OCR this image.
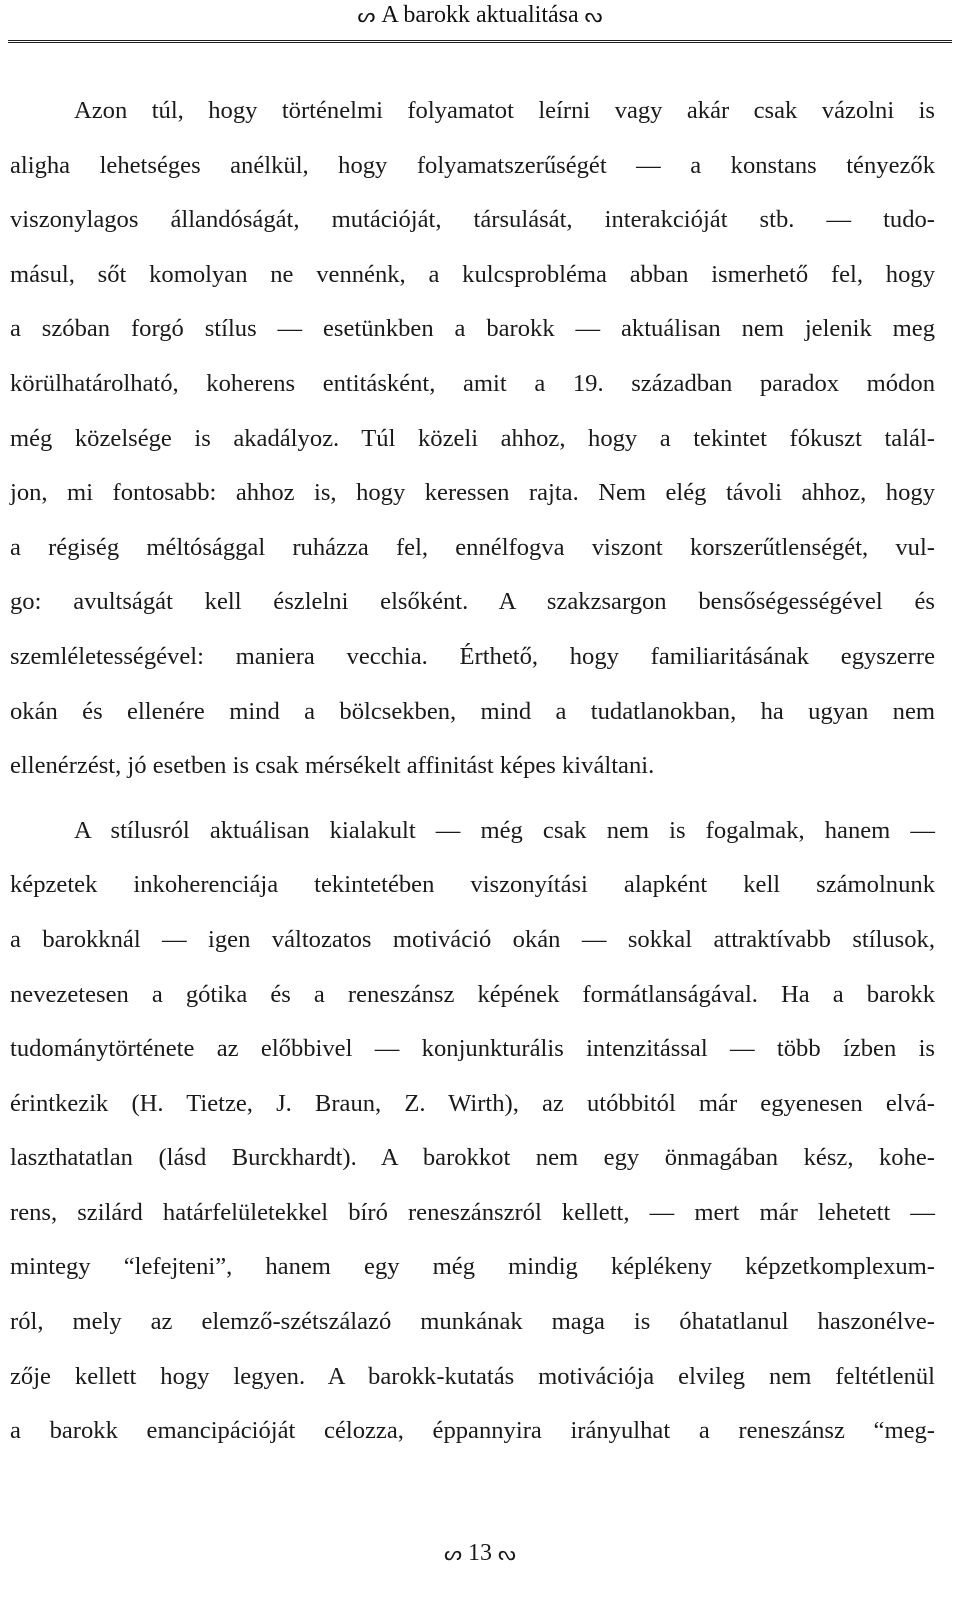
ᔕ A barokk aktualitása ᔓ
Azon túl, hogy történelmi folyamatot leírni vagy akár csak vázolni is
aligha lehetséges anélkül, hogy folyamatszerűségét — a konstans tényezők
viszonylagos állandóságát, mutációját, társulását, interakcióját stb. — tudo-
másul, sőt komolyan ne vennénk, a kulcsprobléma abban ismerhető fel, hogy
a szóban forgó stílus — esetünkben a barokk — aktuálisan nem jelenik meg
körülhatárolható, koherens entitásként, amit a 19. században paradox módon
még közelsége is akadályoz. Túl közeli ahhoz, hogy a tekintet fókuszt talál-
jon, mi fontosabb: ahhoz is, hogy keressen rajta. Nem elég távoli ahhoz, hogy
a régiség méltósággal ruházza fel, ennélfogva viszont korszerűtlenségét, vul-
go: avultságát kell észlelni elsőként. A szakzsargon bensőségességével és
szemléletességével: maniera vecchia. Érthető, hogy familiaritásának egyszerre
okán és ellenére mind a bölcsekben, mind a tudatlanokban, ha ugyan nem
ellenérzést, jó esetben is csak mérsékelt affinitást képes kiváltani.
A stílusról aktuálisan kialakult — még csak nem is fogalmak, hanem —
képzetek inkoherenciája tekintetében viszonyítási alapként kell számolnunk
a barokknál — igen változatos motiváció okán — sokkal attraktívabb stílusok,
nevezetesen a gótika és a reneszánsz képének formátlanságával. Ha a barokk
tudománytörténete az előbbivel — konjunkturális intenzitással — több ízben is
érintkezik (H. Tietze, J. Braun, Z. Wirth), az utóbbitól már egyenesen elvá-
laszthatatlan (lásd Burckhardt). A barokkot nem egy önmagában kész, kohe-
rens, szilárd határfelületekkel bíró reneszánszról kellett, — mert már lehetett —
mintegy “lefejteni”, hanem egy még mindig képlékeny képzetkomplexum-
ról, mely az elemző-szétszálazó munkának maga is óhatatlanul haszonélve-
zője kellett hogy legyen. A barokk-kutatás motivációja elvileg nem feltétlenül
a barokk emancipációját célozza, éppannyira irányulhat a reneszánsz “meg-
ᔕ 13 ᔓ
